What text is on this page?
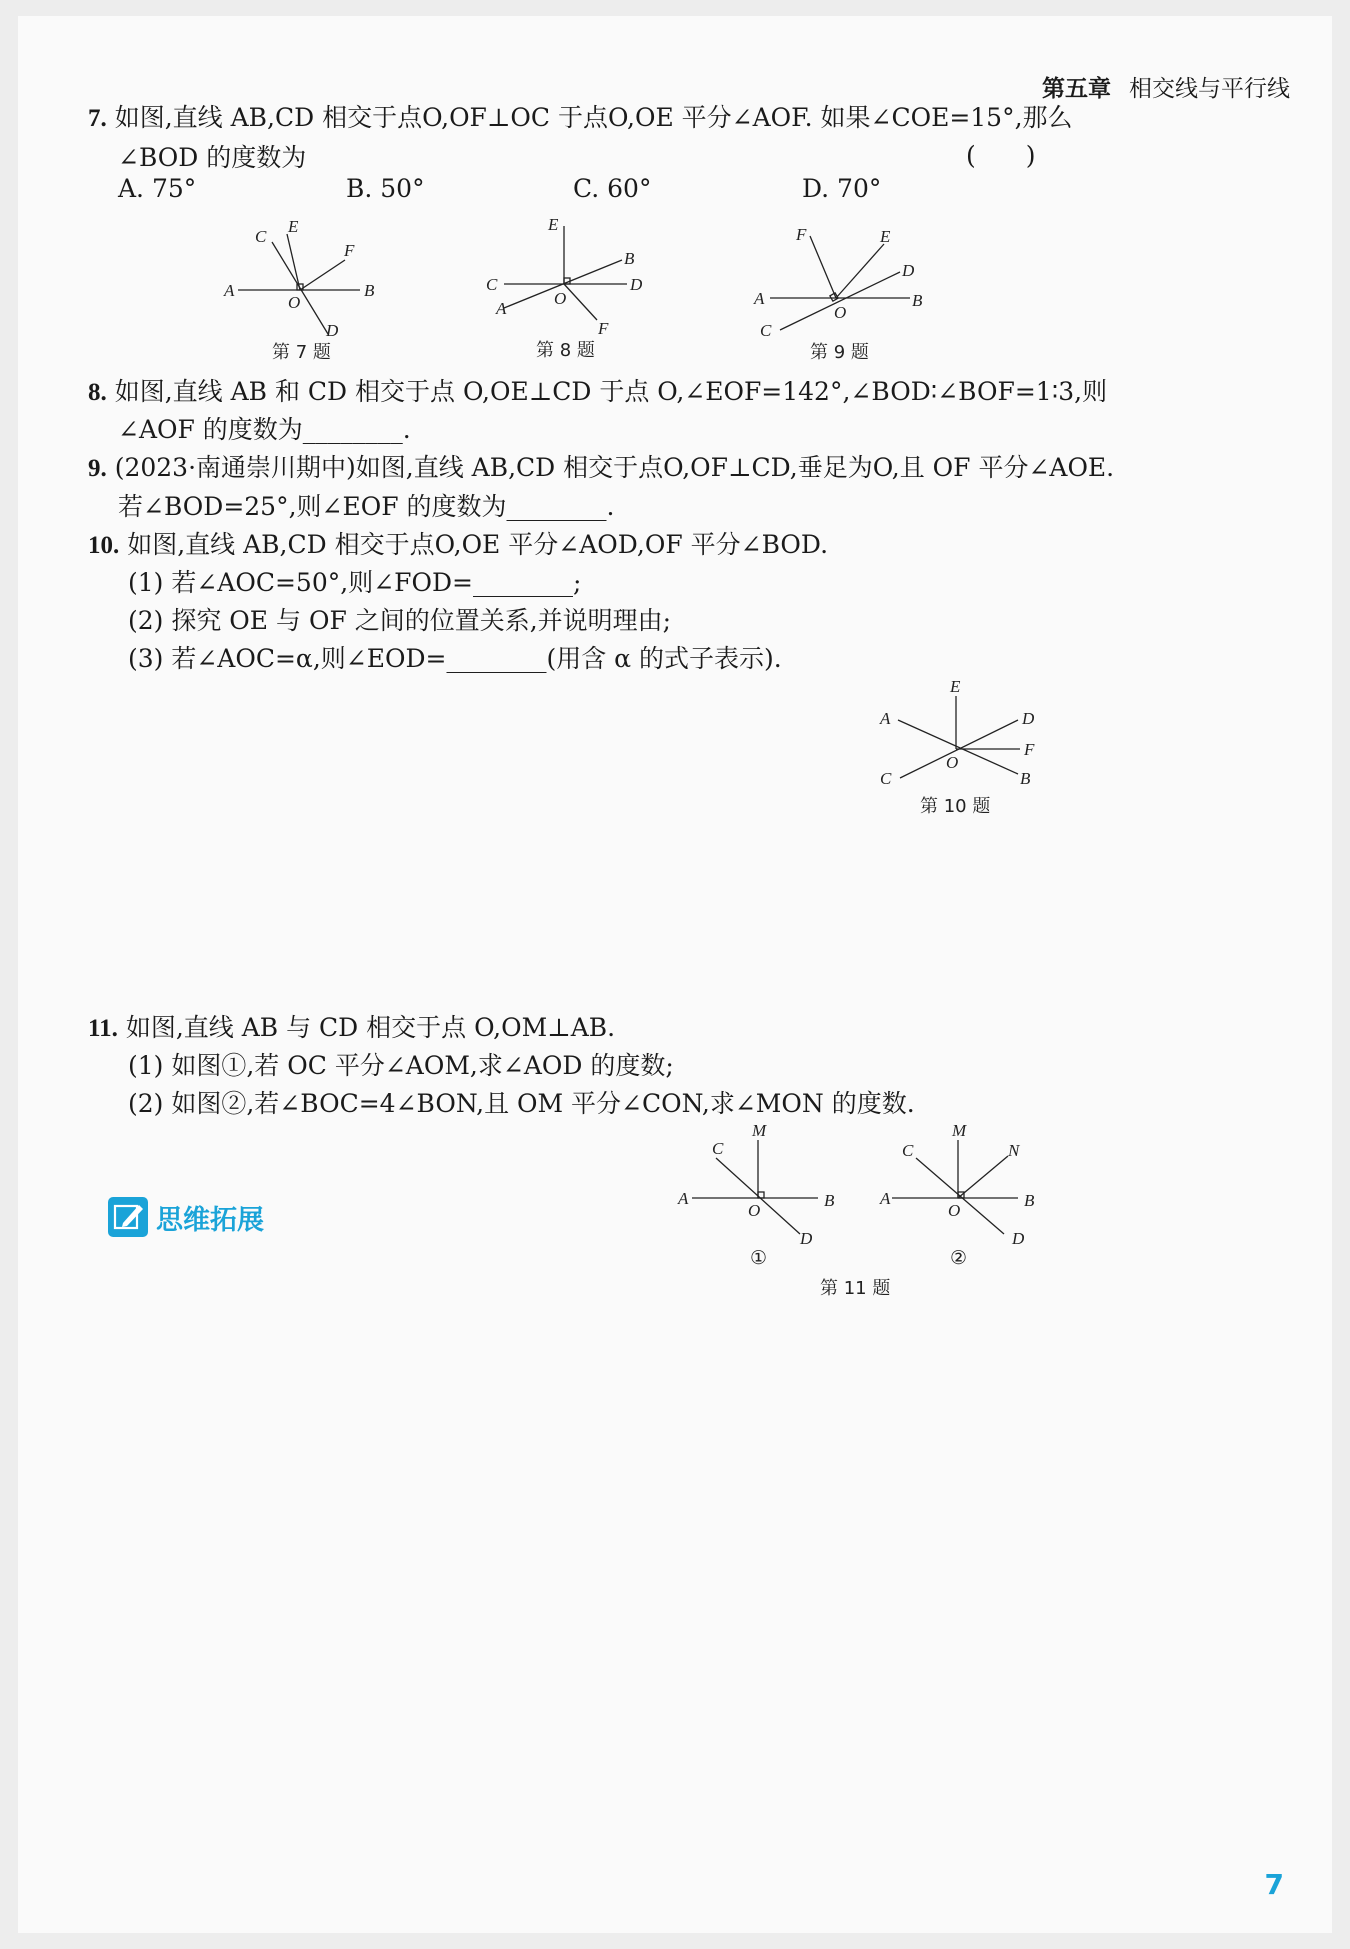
第五章 相交线与平行线
7. 如图,直线 AB,CD 相交于点O,OF⊥OC 于点O,OE 平分∠AOF. 如果∠COE=15°,那么
∠BOD 的度数为	(　　)
A. 75°	B. 50°	C. 60°	D. 70°
A	B
C
D
E
F
O
第 7 题
A
B
C	D
E
F
O
第 8 题
A	B
C
D
E
F
O
第 9 题
8. 如图,直线 AB 和 CD 相交于点 O,OE⊥CD 于点 O,∠EOF=142°,∠BOD∶∠BOF=1∶3,则
∠AOF 的度数为________.
9. (2023·南通崇川期中)如图,直线 AB,CD 相交于点O,OF⊥CD,垂足为O,且 OF 平分∠AOE.
若∠BOD=25°,则∠EOF 的度数为________.
10. 如图,直线 AB,CD 相交于点O,OE 平分∠AOD,OF 平分∠BOD.
(1) 若∠AOC=50°,则∠FOD=________;
(2) 探究 OE 与 OF 之间的位置关系,并说明理由;
(3) 若∠AOC=α,则∠EOD=________(用含 α 的式子表示).
A
B
C
D
E
F
O
第 10 题
思维拓展
11. 如图,直线 AB 与 CD 相交于点 O,OM⊥AB.
(1) 如图①,若 OC 平分∠AOM,求∠AOD 的度数;
(2) 如图②,若∠BOC=4∠BON,且 OM 平分∠CON,求∠MON 的度数.
A	B
C
D
M
O
①
A	B
C
D
M
N
O
②
第 11 题
7
